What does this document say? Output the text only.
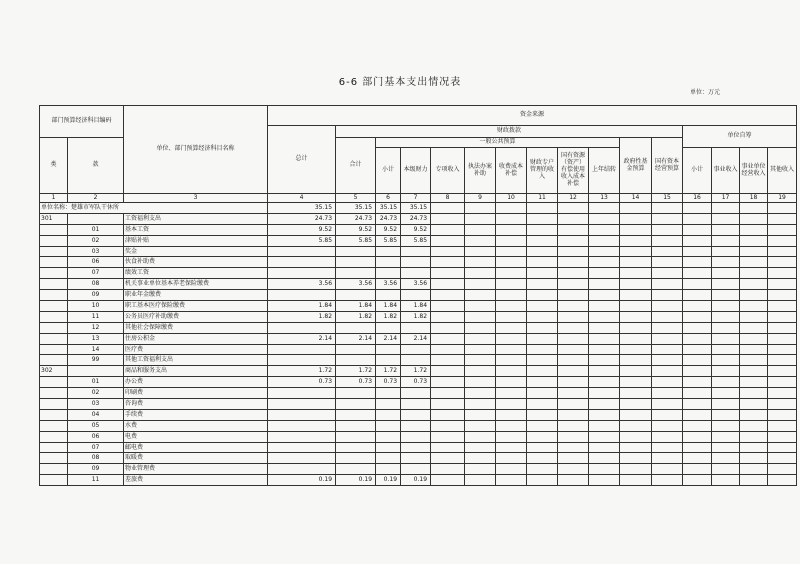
6-6 部门基本支出情况表
单位：万元
部门预算经济科目编码		单位、部门预算经济科目名称	资金来源															
			总计	财政拨款											单位自筹			
类	款			合计	一般公共预算								政府性基金预算	国有资本经营预算				
					小计	本级财力	专项收入	执法办案补助	收费成本补偿	财政专户管理的收入	国有资源（资产）有偿使用收入成本补偿	上年结转			小计	事业收入	事业单位经营收入	其他收入
1	2	3	4	5	6	7	8	9	10	11	12	13	14	15	16	17	18	19
单位名称：楚雄市军队干休所			35.15	35.15	35.15	35.15												
301		工资福利支出	24.73	24.73	24.73	24.73												
	01	基本工资	9.52	9.52	9.52	9.52												
	02	津贴补贴	5.85	5.85	5.85	5.85												
	03	奖金																
	06	伙食补助费																
	07	绩效工资																
	08	机关事业单位基本养老保险缴费	3.56	3.56	3.56	3.56												
	09	职业年金缴费																
	10	职工基本医疗保险缴费	1.84	1.84	1.84	1.84												
	11	公务员医疗补助缴费	1.82	1.82	1.82	1.82												
	12	其他社会保障缴费																
	13	住房公积金	2.14	2.14	2.14	2.14												
	14	医疗费																
	99	其他工资福利支出																
302		商品和服务支出	1.72	1.72	1.72	1.72												
	01	办公费	0.73	0.73	0.73	0.73												
	02	印刷费																
	03	咨询费																
	04	手续费																
	05	水费																
	06	电费																
	07	邮电费																
	08	取暖费																
	09	物业管理费																
	11	差旅费	0.19	0.19	0.19	0.19												
